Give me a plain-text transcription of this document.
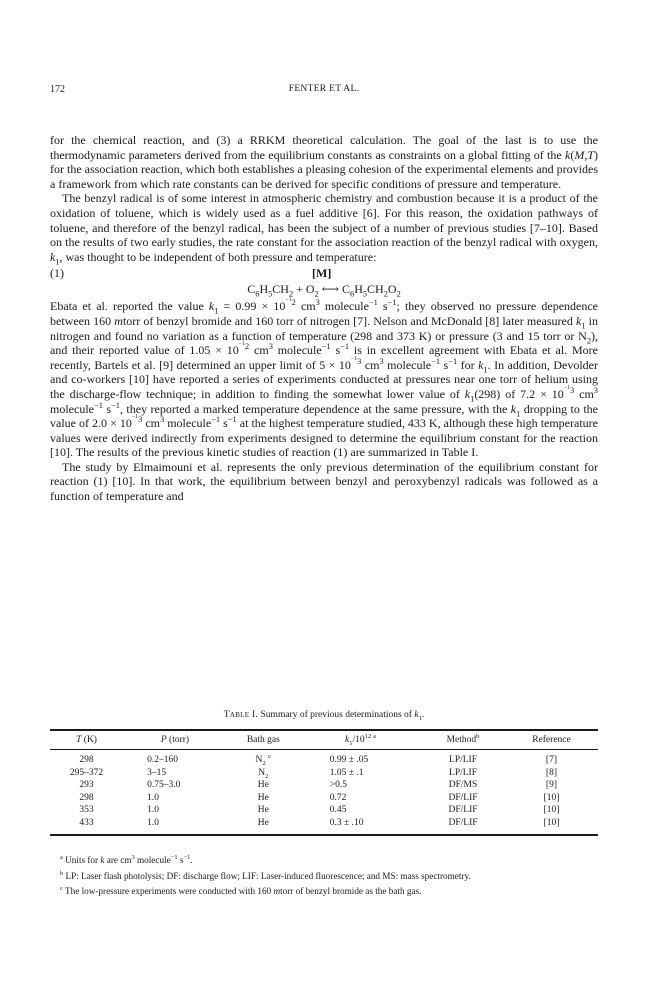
172	FENTER ET AL.

for the chemical reaction, and (3) a RRKM theoretical calculation. The goal of the last is to use the thermodynamic parameters derived from the equilibrium constants as constraints on a global fitting of the k(M,T) for the association reaction, which both establishes a pleasing cohesion of the experimental elements and provides a framework from which rate constants can be derived for specific conditions of pressure and temperature.

The benzyl radical is of some interest in atmospheric chemistry and combustion because it is a product of the oxidation of toluene, which is widely used as a fuel additive [6]. For this reason, the oxidation pathways of toluene, and therefore of the benzyl radical, has been the subject of a number of previous studies [7–10]. Based on the results of two early studies, the rate constant for the association reaction of the benzyl radical with oxygen, $k_1$, was thought to be independent of both pressure and temperature:

(1)	[M]
$C_6H_5CH_2 + O_2$ ⟷ $C_6H_5CH_2O_2$

Ebata et al. reported the value $k_1 = 0.99 \times 10^{^{-1}2}$ $cm^3$ molecule$^{-1}$ $s^{-1}$; they observed no pressure dependence between 160 mtorr of benzyl bromide and 160 torr of nitrogen [7]. Nelson and McDonald [8] later measured $k_1$ in nitrogen and found no variation as a function of temperature (298 and 373 K) or pressure (3 and 15 torr or $N_2$), and their reported value of $1.05 \times 10^{^{-1}2}$ $cm^3$ molecule$^{-1}$ $s^{-1}$ is in excellent agreement with Ebata et al. More recently, Bartels et al. [9] determined an upper limit of $5 \times 10^{^{-1}3}$ $cm^3$ molecule$^{-1}$ $s^{-1}$ for $k_1$. In addition, Devolder and co-workers [10] have reported a series of experiments conducted at pressures near one torr of helium using the discharge-flow technique; in addition to finding the somewhat lower value of $k_1(298)$ of $7.2 \times 10^{^{-1}3}$ $cm^3$ molecule$^{-1}$ $s^{-1}$, they reported a marked temperature dependence at the same pressure, with the $k_1$ dropping to the value of $2.0 \times 10^{^{-1}3}$ $cm^3$ molecule$^{-1}$ $s^{-1}$ at the highest temperature studied, 433 K, although these high temperature values were derived indirectly from experiments designed to determine the equilibrium constant for the reaction [10]. The results of the previous kinetic studies of reaction (1) are summarized in Table I.

The study by Elmaimouni et al. represents the only previous determination of the equilibrium constant for reaction (1) [10]. In that work, the equilibrium between benzyl and peroxybenzyl radicals was followed as a function of temperature and

Table I. Summary of previous determinations of $k_1$.
T (K)	P (torr)	Bath gas	$k_1/10^{12 a}$	Method$^b$	Reference
298	0.2–160	$N_2$ $^c$	0.99 ± .05	LP/LIF	[7]
295–372	3–15	$N_2$	1.05 ± .1	LP/LIF	[8]
293	0.75–3.0	He	>0.5	DF/MS	[9]
298	1.0	He	0.72	DF/LIF	[10]
353	1.0	He	0.45	DF/LIF	[10]
433	1.0	He	0.3 ± .10	DF/LIF	[10]

$^a$ Units for k are $cm^3$ molecule$^{-1}$ $s^{-1}$.

$^b$ LP: Laser flash photolysis; DF: discharge flow; LIF: Laser-induced fluorescence; and MS: mass spectrometry.

$^c$ The low-pressure experiments were conducted with 160 mtorr of benzyl bromide as the bath gas.
